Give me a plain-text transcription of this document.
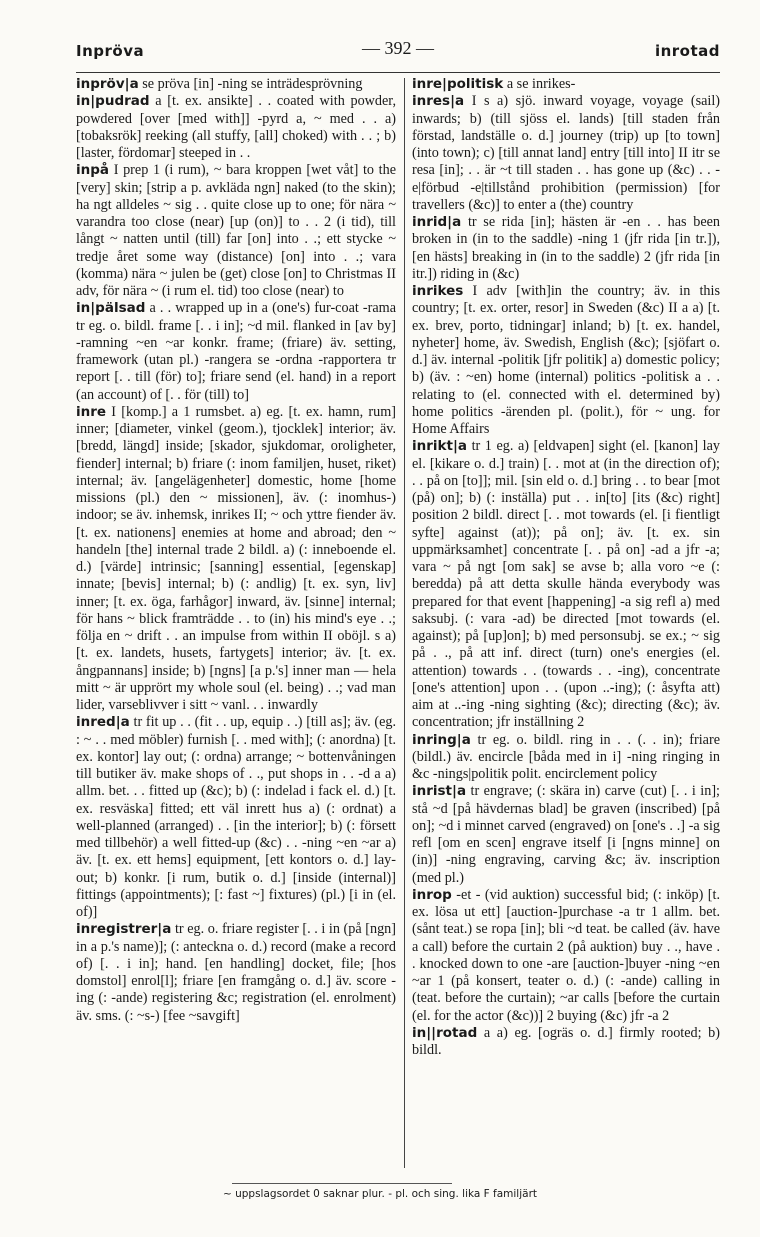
Inpröva	— 392 —	inrotad

inpröv|a se pröva [in] -ning se inträdesprövning

in|pudrad a [t. ex. ansikte] . . coated with powder, powdered [over [med with]] -pyrd a, ~ med . . a) [tobaksrök] reeking (all stuffy, [all] choked) with . . ; b) [laster, fördomar] steeped in . .

inpå I prep 1 (i rum), ~ bara kroppen [wet våt] to the [very] skin; [strip a p. avkläda ngn] naked (to the skin); ha ngt alldeles ~ sig . . quite close up to one; för nära ~ varandra too close (near) [up (on)] to . . 2 (i tid), till långt ~ natten until (till) far [on] into . .; ett stycke ~ tredje året some way (distance) [on] into . .; vara (komma) nära ~ julen be (get) close [on] to Christmas II adv, för nära ~ (i rum el. tid) too close (near) to

in|pälsad a . . wrapped up in a (one's) fur-coat -rama tr eg. o. bildl. frame [. . i in]; ~d mil. flanked in [av by] -ramning ~en ~ar konkr. frame; (friare) äv. setting, framework (utan pl.) -rangera se -ordna -rapportera tr report [. . till (för) to]; friare send (el. hand) in a report (an account) of [. . för (till) to]

inre I [komp.] a 1 rumsbet. a) eg. [t. ex. hamn, rum] inner; [diameter, vinkel (geom.), tjocklek] interior; äv. [bredd, längd] inside; [skador, sjukdomar, oroligheter, fiender] internal; b) friare (: inom familjen, huset, riket) internal; äv. [angelägenheter] domestic, home [home missions (pl.) den ~ missionen], äv. (: inomhus-) indoor; se äv. inhemsk, inrikes II; ~ och yttre fiender äv. [t. ex. nationens] enemies at home and abroad; den ~ handeln [the] internal trade 2 bildl. a) (: inneboende el. d.) [värde] intrinsic; [sanning] essential, [egenskap] innate; [bevis] internal; b) (: andlig) [t. ex. syn, liv] inner; [t. ex. öga, farhågor] inward, äv. [sinne] internal; för hans ~ blick framträdde . . to (in) his mind's eye . .; följa en ~ drift . . an impulse from within II oböjl. s a) [t. ex. landets, husets, fartygets] interior; äv. [t. ex. ångpannans] inside; b) [ngns] [a p.'s] inner man — hela mitt ~ är upprört my whole soul (el. being) . .; vad man lider, varseblivver i sitt ~ vanl. . . inwardly

inred|a tr fit up . . (fit . . up, equip . .) [till as]; äv. (eg. : ~ . . med möbler) furnish [. . med with]; (: anordna) [t. ex. kontor] lay out; (: ordna) arrange; ~ bottenvåningen till butiker äv. make shops of . ., put shops in . . -d a a) allm. bet. . . fitted up (&c); b) (: indelad i fack el. d.) [t. ex. resväska] fitted; ett väl inrett hus a) (: ordnat) a well-planned (arranged) . . [in the interior]; b) (: försett med tillbehör) a well fitted-up (&c) . . -ning ~en ~ar a) äv. [t. ex. ett hems] equipment, [ett kontors o. d.] lay-out; b) konkr. [i rum, butik o. d.] [inside (internal)] fittings (appointments); [: fast ~] fixtures) (pl.) [i in (el. of)]

inregistrer|a tr eg. o. friare register [. . i in (på [ngn] in a p.'s name)]; (: anteckna o. d.) record (make a record of) [. . i in]; hand. [en handling] docket, file; [hos domstol] enrol[l]; friare [en framgång o. d.] äv. score -ing (: -ande) registering &c; registration (el. enrolment) äv. sms. (: ~s-) [fee ~savgift]

inre|politisk a se inrikes-

inres|a I s a) sjö. inward voyage, voyage (sail) inwards; b) (till sjöss el. lands) [till staden från förstad, landställe o. d.] journey (trip) up [to town] (into town); c) [till annat land] entry [till into] II itr se resa [in]; . . är ~t till staden . . has gone up (&c) . . -e|förbud -e|tillstånd prohibition (permission) [for travellers (&c)] to enter a (the) country

inrid|a tr se rida [in]; hästen är -en . . has been broken in (in to the saddle) -ning 1 (jfr rida [in tr.]), [en hästs] breaking in (in to the saddle) 2 (jfr rida [in itr.]) riding in (&c)

inrikes I adv [with]in the country; äv. in this country; [t. ex. orter, resor] in Sweden (&c) II a a) [t. ex. brev, porto, tidningar] inland; b) [t. ex. handel, nyheter] home, äv. Swedish, English (&c); [sjöfart o. d.] äv. internal -politik [jfr politik] a) domestic policy; b) (äv. : ~en) home (internal) politics -politisk a . . relating to (el. connected with el. determined by) home politics -ärenden pl. (polit.), för ~ ung. for Home Affairs

inrikt|a tr 1 eg. a) [eldvapen] sight (el. [kanon] lay el. [kikare o. d.] train) [. . mot at (in the direction of); . . på on [to]]; mil. [sin eld o. d.] bring . . to bear [mot (på) on]; b) (: inställa) put . . in[to] [its (&c) right] position 2 bildl. direct [. . mot towards (el. [i fientligt syfte] against (at)); på on]; äv. [t. ex. sin uppmärksamhet] concentrate [. . på on] -ad a jfr -a; vara ~ på ngt [om sak] se avse b; alla voro ~e (: beredda) på att detta skulle hända everybody was prepared for that event [happening] -a sig refl a) med saksubj. (: vara -ad) be directed [mot towards (el. against); på [up]on]; b) med personsubj. se ex.; ~ sig på . ., på att inf. direct (turn) one's energies (el. attention) towards . . (towards . . -ing), concentrate [one's attention] upon . . (upon ..-ing); (: åsyfta att) aim at ..-ing -ning sighting (&c); directing (&c); äv. concentration; jfr inställning 2

inring|a tr eg. o. bildl. ring in . . (. . in); friare (bildl.) äv. encircle [båda med in i] -ning ringing in &c -nings|politik polit. encirclement policy

inrist|a tr engrave; (: skära in) carve (cut) [. . i in]; stå ~d [på hävdernas blad] be graven (inscribed) [på on]; ~d i minnet carved (engraved) on [one's . .] -a sig refl [om en scen] engrave itself [i [ngns minne] on (in)] -ning engraving, carving &c; äv. inscription (med pl.)

inrop -et - (vid auktion) successful bid; (: inköp) [t. ex. lösa ut ett] [auction-]purchase -a tr 1 allm. bet. (sånt teat.) se ropa [in]; bli ~d teat. be called (äv. have a call) before the curtain 2 (på auktion) buy . ., have . . knocked down to one -are [auction-]buyer -ning ~en ~ar 1 (på konsert, teater o. d.) (: -ande) calling in (teat. before the curtain); ~ar calls [before the curtain (el. for the actor (&c))] 2 buying (&c) jfr -a 2

in||rotad a a) eg. [ogräs o. d.] firmly rooted; b) bildl.

~ uppslagsordet 0 saknar plur. - pl. och sing. lika F familjärt
